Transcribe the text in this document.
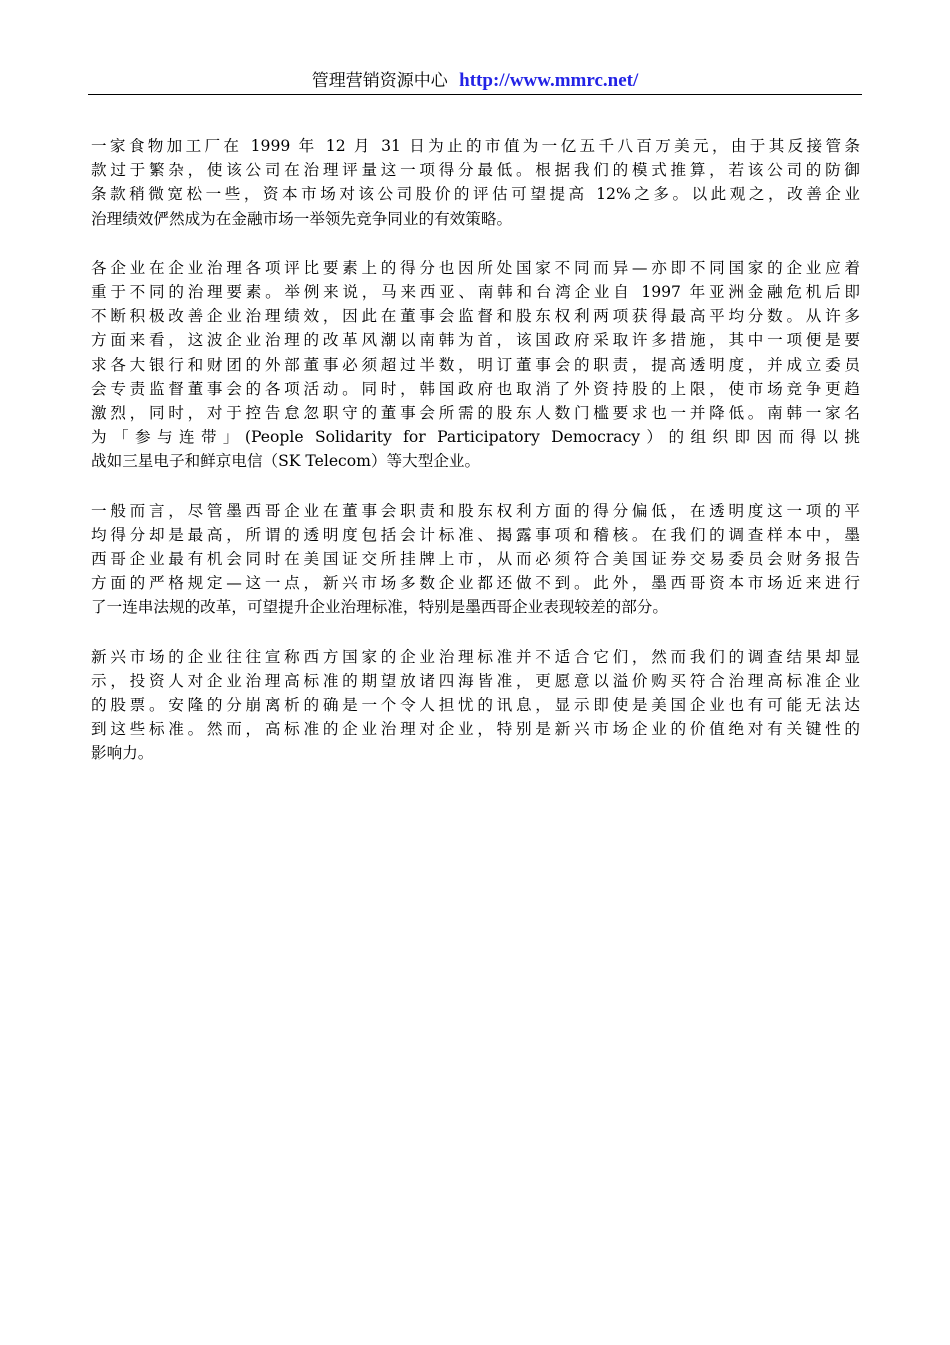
管理营销资源中心 http://www.mmrc.net/

一家食物加工厂在 1999 年 12 月 31 日为止的市值为一亿五千八百万美元，由于其反接管条
款过于繁杂，使该公司在治理评量这一项得分最低。根据我们的模式推算，若该公司的防御
条款稍微宽松一些，资本市场对该公司股价的评估可望提高 12%之多。以此观之，改善企业
治理绩效俨然成为在金融市场一举领先竞争同业的有效策略。

各企业在企业治理各项评比要素上的得分也因所处国家不同而异—亦即不同国家的企业应着
重于不同的治理要素。举例来说，马来西亚、南韩和台湾企业自 1997 年亚洲金融危机后即
不断积极改善企业治理绩效，因此在董事会监督和股东权利两项获得最高平均分数。从许多
方面来看，这波企业治理的改革风潮以南韩为首，该国政府采取许多措施，其中一项便是要
求各大银行和财团的外部董事必须超过半数，明订董事会的职责，提高透明度，并成立委员
会专责监督董事会的各项活动。同时，韩国政府也取消了外资持股的上限，使市场竞争更趋
激烈，同时，对于控告怠忽职守的董事会所需的股东人数门槛要求也一并降低。南韩一家名
为「参与连带」(People Solidarity for Participatory Democracy）的组织即因而得以挑
战如三星电子和鲜京电信（SK Telecom）等大型企业。

一般而言，尽管墨西哥企业在董事会职责和股东权利方面的得分偏低，在透明度这一项的平
均得分却是最高，所谓的透明度包括会计标准、揭露事项和稽核。在我们的调查样本中，墨
西哥企业最有机会同时在美国证交所挂牌上市，从而必须符合美国证券交易委员会财务报告
方面的严格规定—这一点，新兴市场多数企业都还做不到。此外，墨西哥资本市场近来进行
了一连串法规的改革，可望提升企业治理标准，特别是墨西哥企业表现较差的部分。

新兴市场的企业往往宣称西方国家的企业治理标准并不适合它们，然而我们的调查结果却显
示，投资人对企业治理高标准的期望放诸四海皆准，更愿意以溢价购买符合治理高标准企业
的股票。安隆的分崩离析的确是一个令人担忧的讯息，显示即使是美国企业也有可能无法达
到这些标准。然而，高标准的企业治理对企业，特别是新兴市场企业的价值绝对有关键性的
影响力。
